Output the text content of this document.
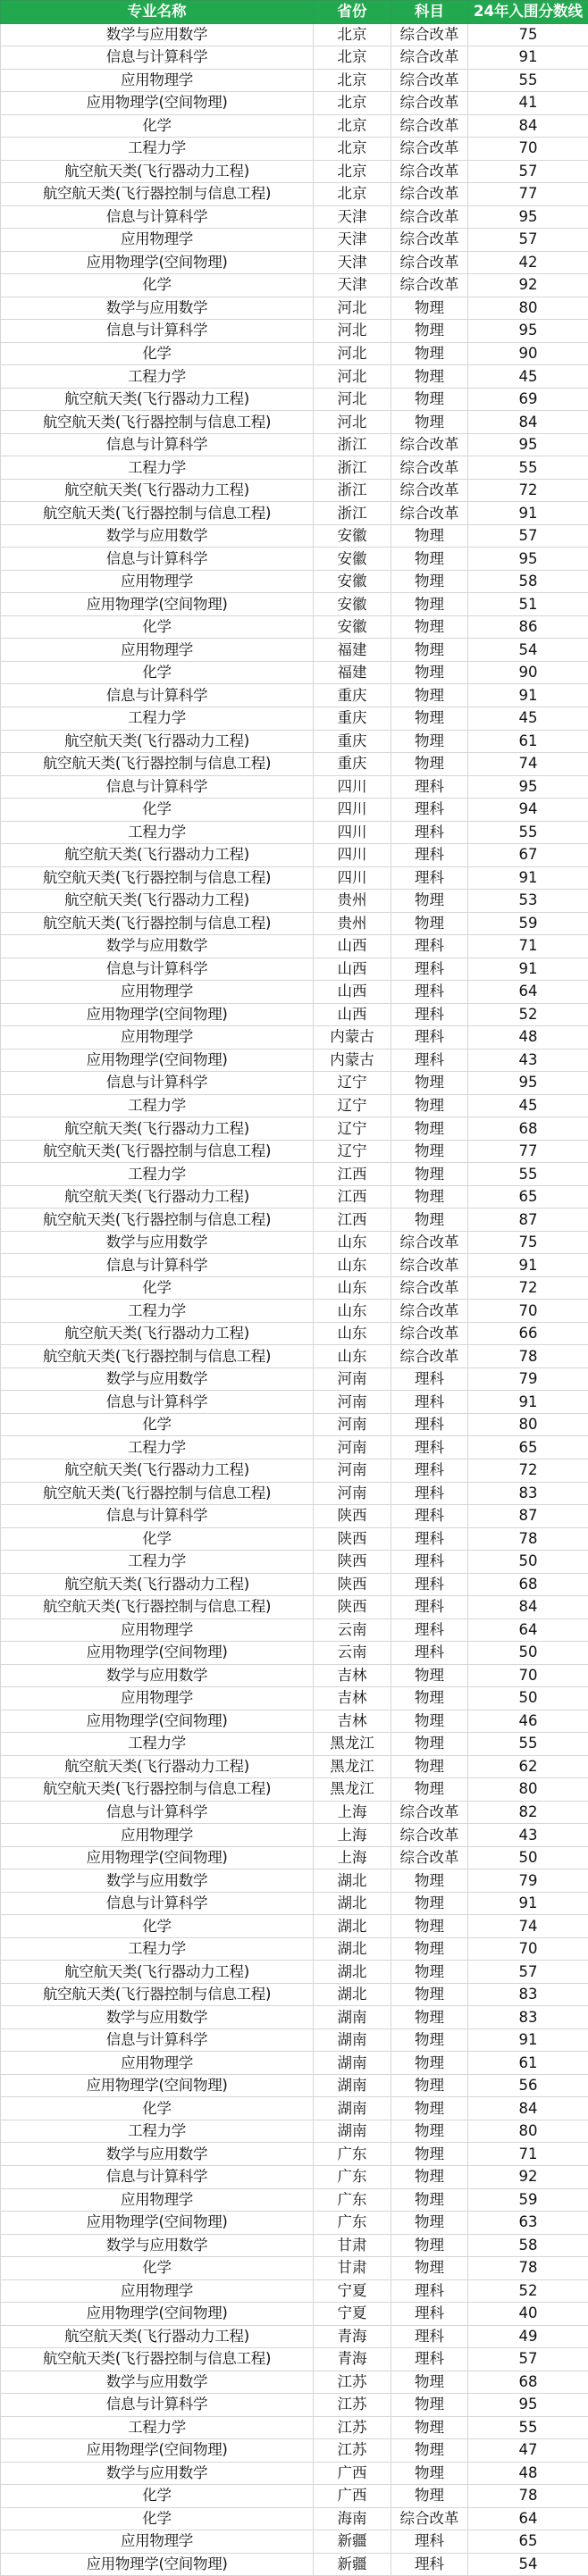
专业名称	省份	科目	24年入围分数线
数学与应用数学	北京	综合改革	75
信息与计算科学	北京	综合改革	91
应用物理学	北京	综合改革	55
应用物理学(空间物理)	北京	综合改革	41
化学	北京	综合改革	84
工程力学	北京	综合改革	70
航空航天类(飞行器动力工程)	北京	综合改革	57
航空航天类(飞行器控制与信息工程)	北京	综合改革	77
信息与计算科学	天津	综合改革	95
应用物理学	天津	综合改革	57
应用物理学(空间物理)	天津	综合改革	42
化学	天津	综合改革	92
数学与应用数学	河北	物理	80
信息与计算科学	河北	物理	95
化学	河北	物理	90
工程力学	河北	物理	45
航空航天类(飞行器动力工程)	河北	物理	69
航空航天类(飞行器控制与信息工程)	河北	物理	84
信息与计算科学	浙江	综合改革	95
工程力学	浙江	综合改革	55
航空航天类(飞行器动力工程)	浙江	综合改革	72
航空航天类(飞行器控制与信息工程)	浙江	综合改革	91
数学与应用数学	安徽	物理	57
信息与计算科学	安徽	物理	95
应用物理学	安徽	物理	58
应用物理学(空间物理)	安徽	物理	51
化学	安徽	物理	86
应用物理学	福建	物理	54
化学	福建	物理	90
信息与计算科学	重庆	物理	91
工程力学	重庆	物理	45
航空航天类(飞行器动力工程)	重庆	物理	61
航空航天类(飞行器控制与信息工程)	重庆	物理	74
信息与计算科学	四川	理科	95
化学	四川	理科	94
工程力学	四川	理科	55
航空航天类(飞行器动力工程)	四川	理科	67
航空航天类(飞行器控制与信息工程)	四川	理科	91
航空航天类(飞行器动力工程)	贵州	物理	53
航空航天类(飞行器控制与信息工程)	贵州	物理	59
数学与应用数学	山西	理科	71
信息与计算科学	山西	理科	91
应用物理学	山西	理科	64
应用物理学(空间物理)	山西	理科	52
应用物理学	内蒙古	理科	48
应用物理学(空间物理)	内蒙古	理科	43
信息与计算科学	辽宁	物理	95
工程力学	辽宁	物理	45
航空航天类(飞行器动力工程)	辽宁	物理	68
航空航天类(飞行器控制与信息工程)	辽宁	物理	77
工程力学	江西	物理	55
航空航天类(飞行器动力工程)	江西	物理	65
航空航天类(飞行器控制与信息工程)	江西	物理	87
数学与应用数学	山东	综合改革	75
信息与计算科学	山东	综合改革	91
化学	山东	综合改革	72
工程力学	山东	综合改革	70
航空航天类(飞行器动力工程)	山东	综合改革	66
航空航天类(飞行器控制与信息工程)	山东	综合改革	78
数学与应用数学	河南	理科	79
信息与计算科学	河南	理科	91
化学	河南	理科	80
工程力学	河南	理科	65
航空航天类(飞行器动力工程)	河南	理科	72
航空航天类(飞行器控制与信息工程)	河南	理科	83
信息与计算科学	陕西	理科	87
化学	陕西	理科	78
工程力学	陕西	理科	50
航空航天类(飞行器动力工程)	陕西	理科	68
航空航天类(飞行器控制与信息工程)	陕西	理科	84
应用物理学	云南	理科	64
应用物理学(空间物理)	云南	理科	50
数学与应用数学	吉林	物理	70
应用物理学	吉林	物理	50
应用物理学(空间物理)	吉林	物理	46
工程力学	黑龙江	物理	55
航空航天类(飞行器动力工程)	黑龙江	物理	62
航空航天类(飞行器控制与信息工程)	黑龙江	物理	80
信息与计算科学	上海	综合改革	82
应用物理学	上海	综合改革	43
应用物理学(空间物理)	上海	综合改革	50
数学与应用数学	湖北	物理	79
信息与计算科学	湖北	物理	91
化学	湖北	物理	74
工程力学	湖北	物理	70
航空航天类(飞行器动力工程)	湖北	物理	57
航空航天类(飞行器控制与信息工程)	湖北	物理	83
数学与应用数学	湖南	物理	83
信息与计算科学	湖南	物理	91
应用物理学	湖南	物理	61
应用物理学(空间物理)	湖南	物理	56
化学	湖南	物理	84
工程力学	湖南	物理	80
数学与应用数学	广东	物理	71
信息与计算科学	广东	物理	92
应用物理学	广东	物理	59
应用物理学(空间物理)	广东	物理	63
数学与应用数学	甘肃	物理	58
化学	甘肃	物理	78
应用物理学	宁夏	理科	52
应用物理学(空间物理)	宁夏	理科	40
航空航天类(飞行器动力工程)	青海	理科	49
航空航天类(飞行器控制与信息工程)	青海	理科	57
数学与应用数学	江苏	物理	68
信息与计算科学	江苏	物理	95
工程力学	江苏	物理	55
应用物理学(空间物理)	江苏	物理	47
数学与应用数学	广西	物理	48
化学	广西	物理	78
化学	海南	综合改革	64
应用物理学	新疆	理科	65
应用物理学(空间物理)	新疆	理科	54
